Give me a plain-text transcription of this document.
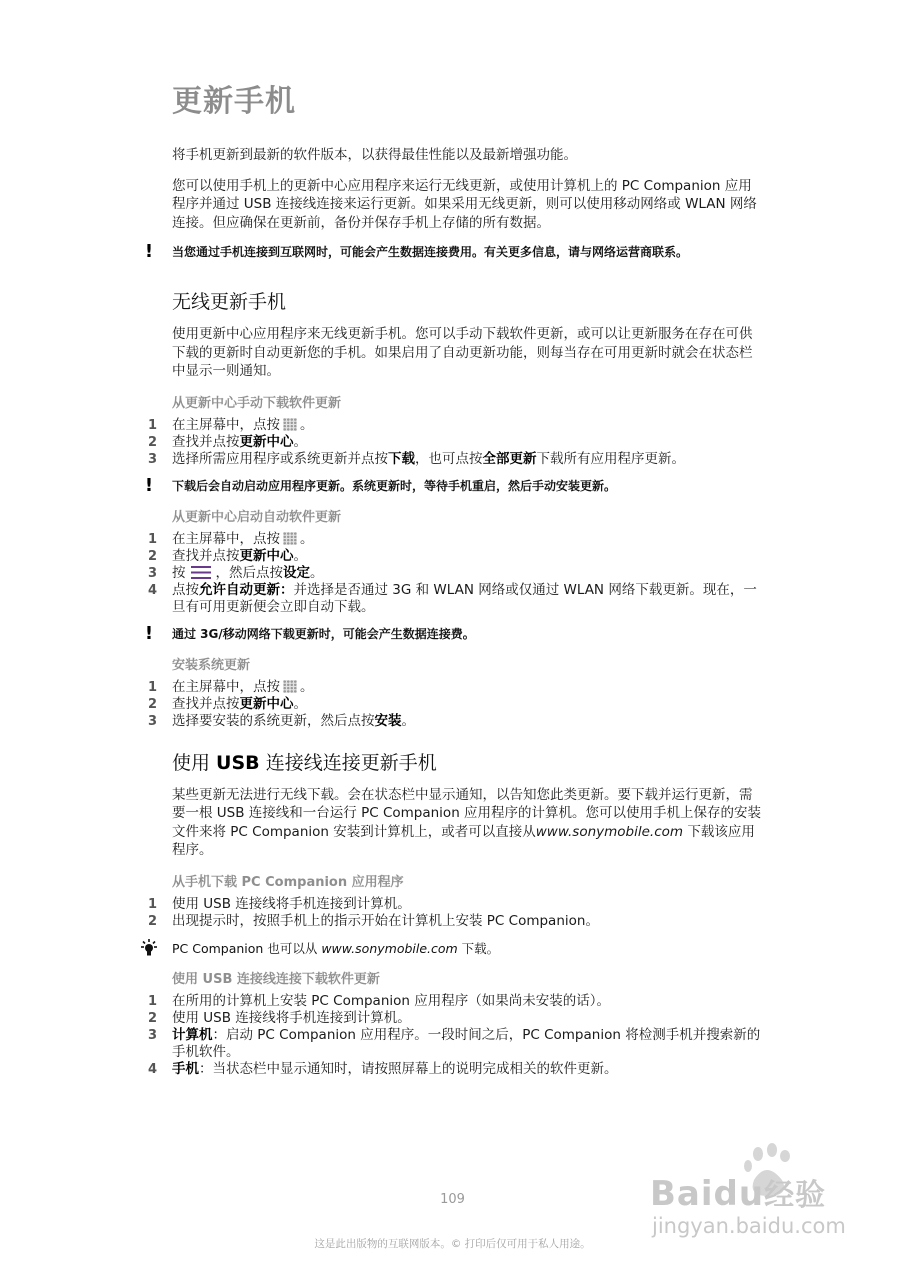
更新手机

将手机更新到最新的软件版本，以获得最佳性能以及最新增强功能。

您可以使用手机上的更新中心应用程序来运行无线更新，或使用计算机上的 PC Companion 应用程序并通过 USB 连接线连接来运行更新。如果采用无线更新，则可以使用移动网络或 WLAN 网络连接。但应确保在更新前，备份并保存手机上存储的所有数据。

! 当您通过手机连接到互联网时，可能会产生数据连接费用。有关更多信息，请与网络运营商联系。
无线更新手机

使用更新中心应用程序来无线更新手机。您可以手动下载软件更新，或可以让更新服务在存在可供下载的更新时自动更新您的手机。如果启用了自动更新功能，则每当存在可用更新时就会在状态栏中显示一则通知。

从更新中心手动下载软件更新
1	在主屏幕中，点按 。
2	查找并点按更新中心。
3	选择所需应用程序或系统更新并点按下载，也可点按全部更新下载所有应用程序更新。
! 下载后会自动启动应用程序更新。系统更新时，等待手机重启，然后手动安装更新。
从更新中心启动自动软件更新
1	在主屏幕中，点按 。
2	查找并点按更新中心。
3	按 ，然后点按设定。
4	点按允许自动更新：并选择是否通过 3G 和 WLAN 网络或仅通过 WLAN 网络下载更新。现在，一旦有可用更新便会立即自动下载。
! 通过 3G/移动网络下载更新时，可能会产生数据连接费。
安装系统更新
1	在主屏幕中，点按 。
2	查找并点按更新中心。
3	选择要安装的系统更新，然后点按安装。
使用 USB 连接线连接更新手机

某些更新无法进行无线下载。会在状态栏中显示通知，以告知您此类更新。要下载并运行更新，需要一根 USB 连接线和一台运行 PC Companion 应用程序的计算机。您可以使用手机上保存的安装文件来将 PC Companion 安装到计算机上，或者可以直接从www.sonymobile.com 下载该应用程序。

从手机下载 PC Companion 应用程序
1	使用 USB 连接线将手机连接到计算机。
2	出现提示时，按照手机上的指示开始在计算机上安装 PC Companion。
PC Companion 也可以从 www.sonymobile.com 下载。
使用 USB 连接线连接下载软件更新
1	在所用的计算机上安装 PC Companion 应用程序（如果尚未安装的话）。
2	使用 USB 连接线将手机连接到计算机。
3	计算机：启动 PC Companion 应用程序。一段时间之后，PC Companion 将检测手机并搜索新的手机软件。
4	手机：当状态栏中显示通知时，请按照屏幕上的说明完成相关的软件更新。
109
这是此出版物的互联网版本。© 打印后仅可用于私人用途。
Baidu经验
jingyan.baidu.com
